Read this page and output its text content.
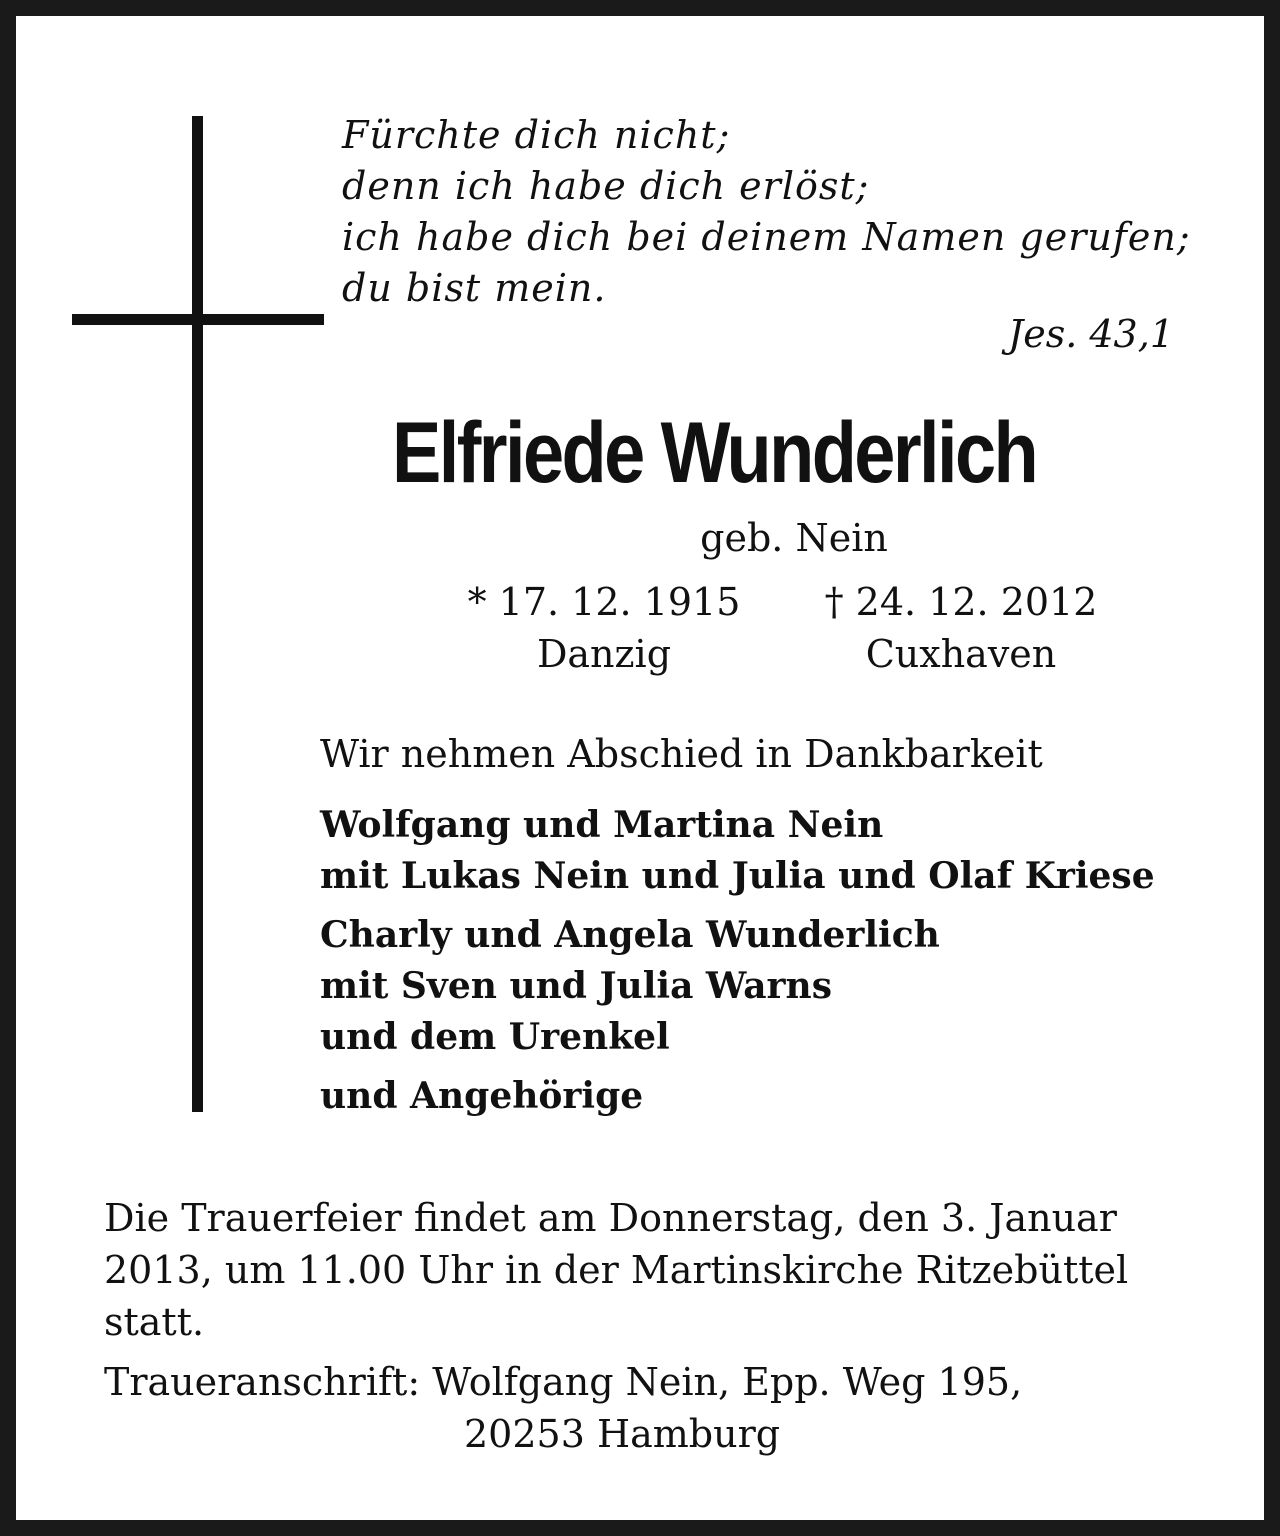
Fürchte dich nicht;
denn ich habe dich erlöst;
ich habe dich bei deinem Namen gerufen;
du bist mein.
Jes. 43,1
Elfriede Wunderlich
geb. Nein
* 17. 12. 1915
Danzig
† 24. 12. 2012
Cuxhaven
Wir nehmen Abschied in Dankbarkeit
Wolfgang und Martina Nein
mit Lukas Nein und Julia und Olaf Kriese
Charly und Angela Wunderlich
mit Sven und Julia Warns
und dem Urenkel
und Angehörige
Die Trauerfeier findet am Donnerstag, den 3. Januar 2013, um 11.00 Uhr in der Martinskirche Ritzebüttel statt.
Traueranschrift: Wolfgang Nein, Epp. Weg 195,
20253 Hamburg
